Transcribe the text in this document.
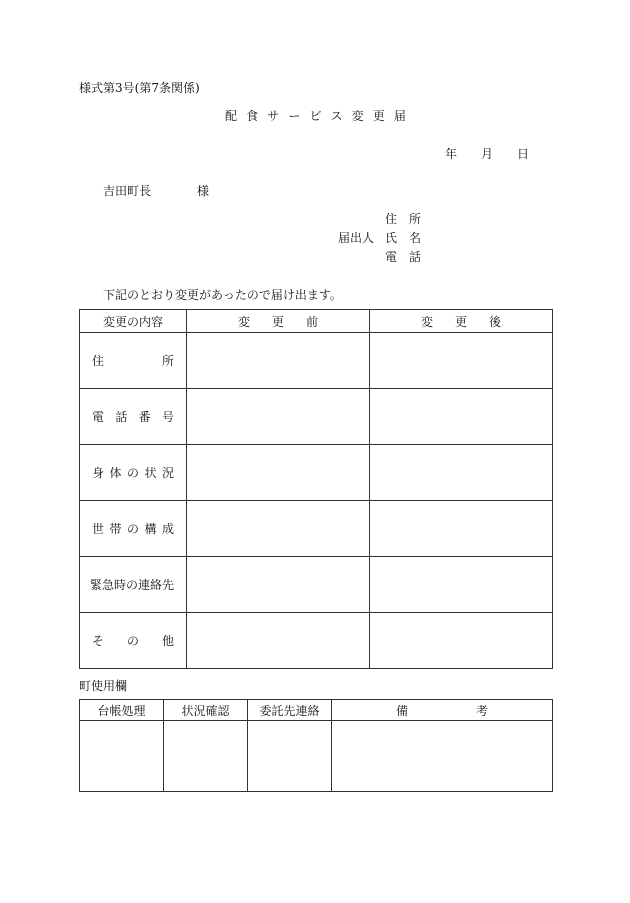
様式第3号(第7条関係)
配 食 サ ー ビ ス 変 更 届
年 月 日
吉田町長	様
住 所
届出人 氏 名
電 話
下記のとおり変更があったので届け出ます。
変更の内容	変 更 前	変 更 後

住 所		

電 話 番 号		

身 体 の 状 況		

世 帯 の 構 成		

緊急時の連絡先		

そ の 他		

町使用欄
台帳処理	状況確認	委託先連絡	備 考
